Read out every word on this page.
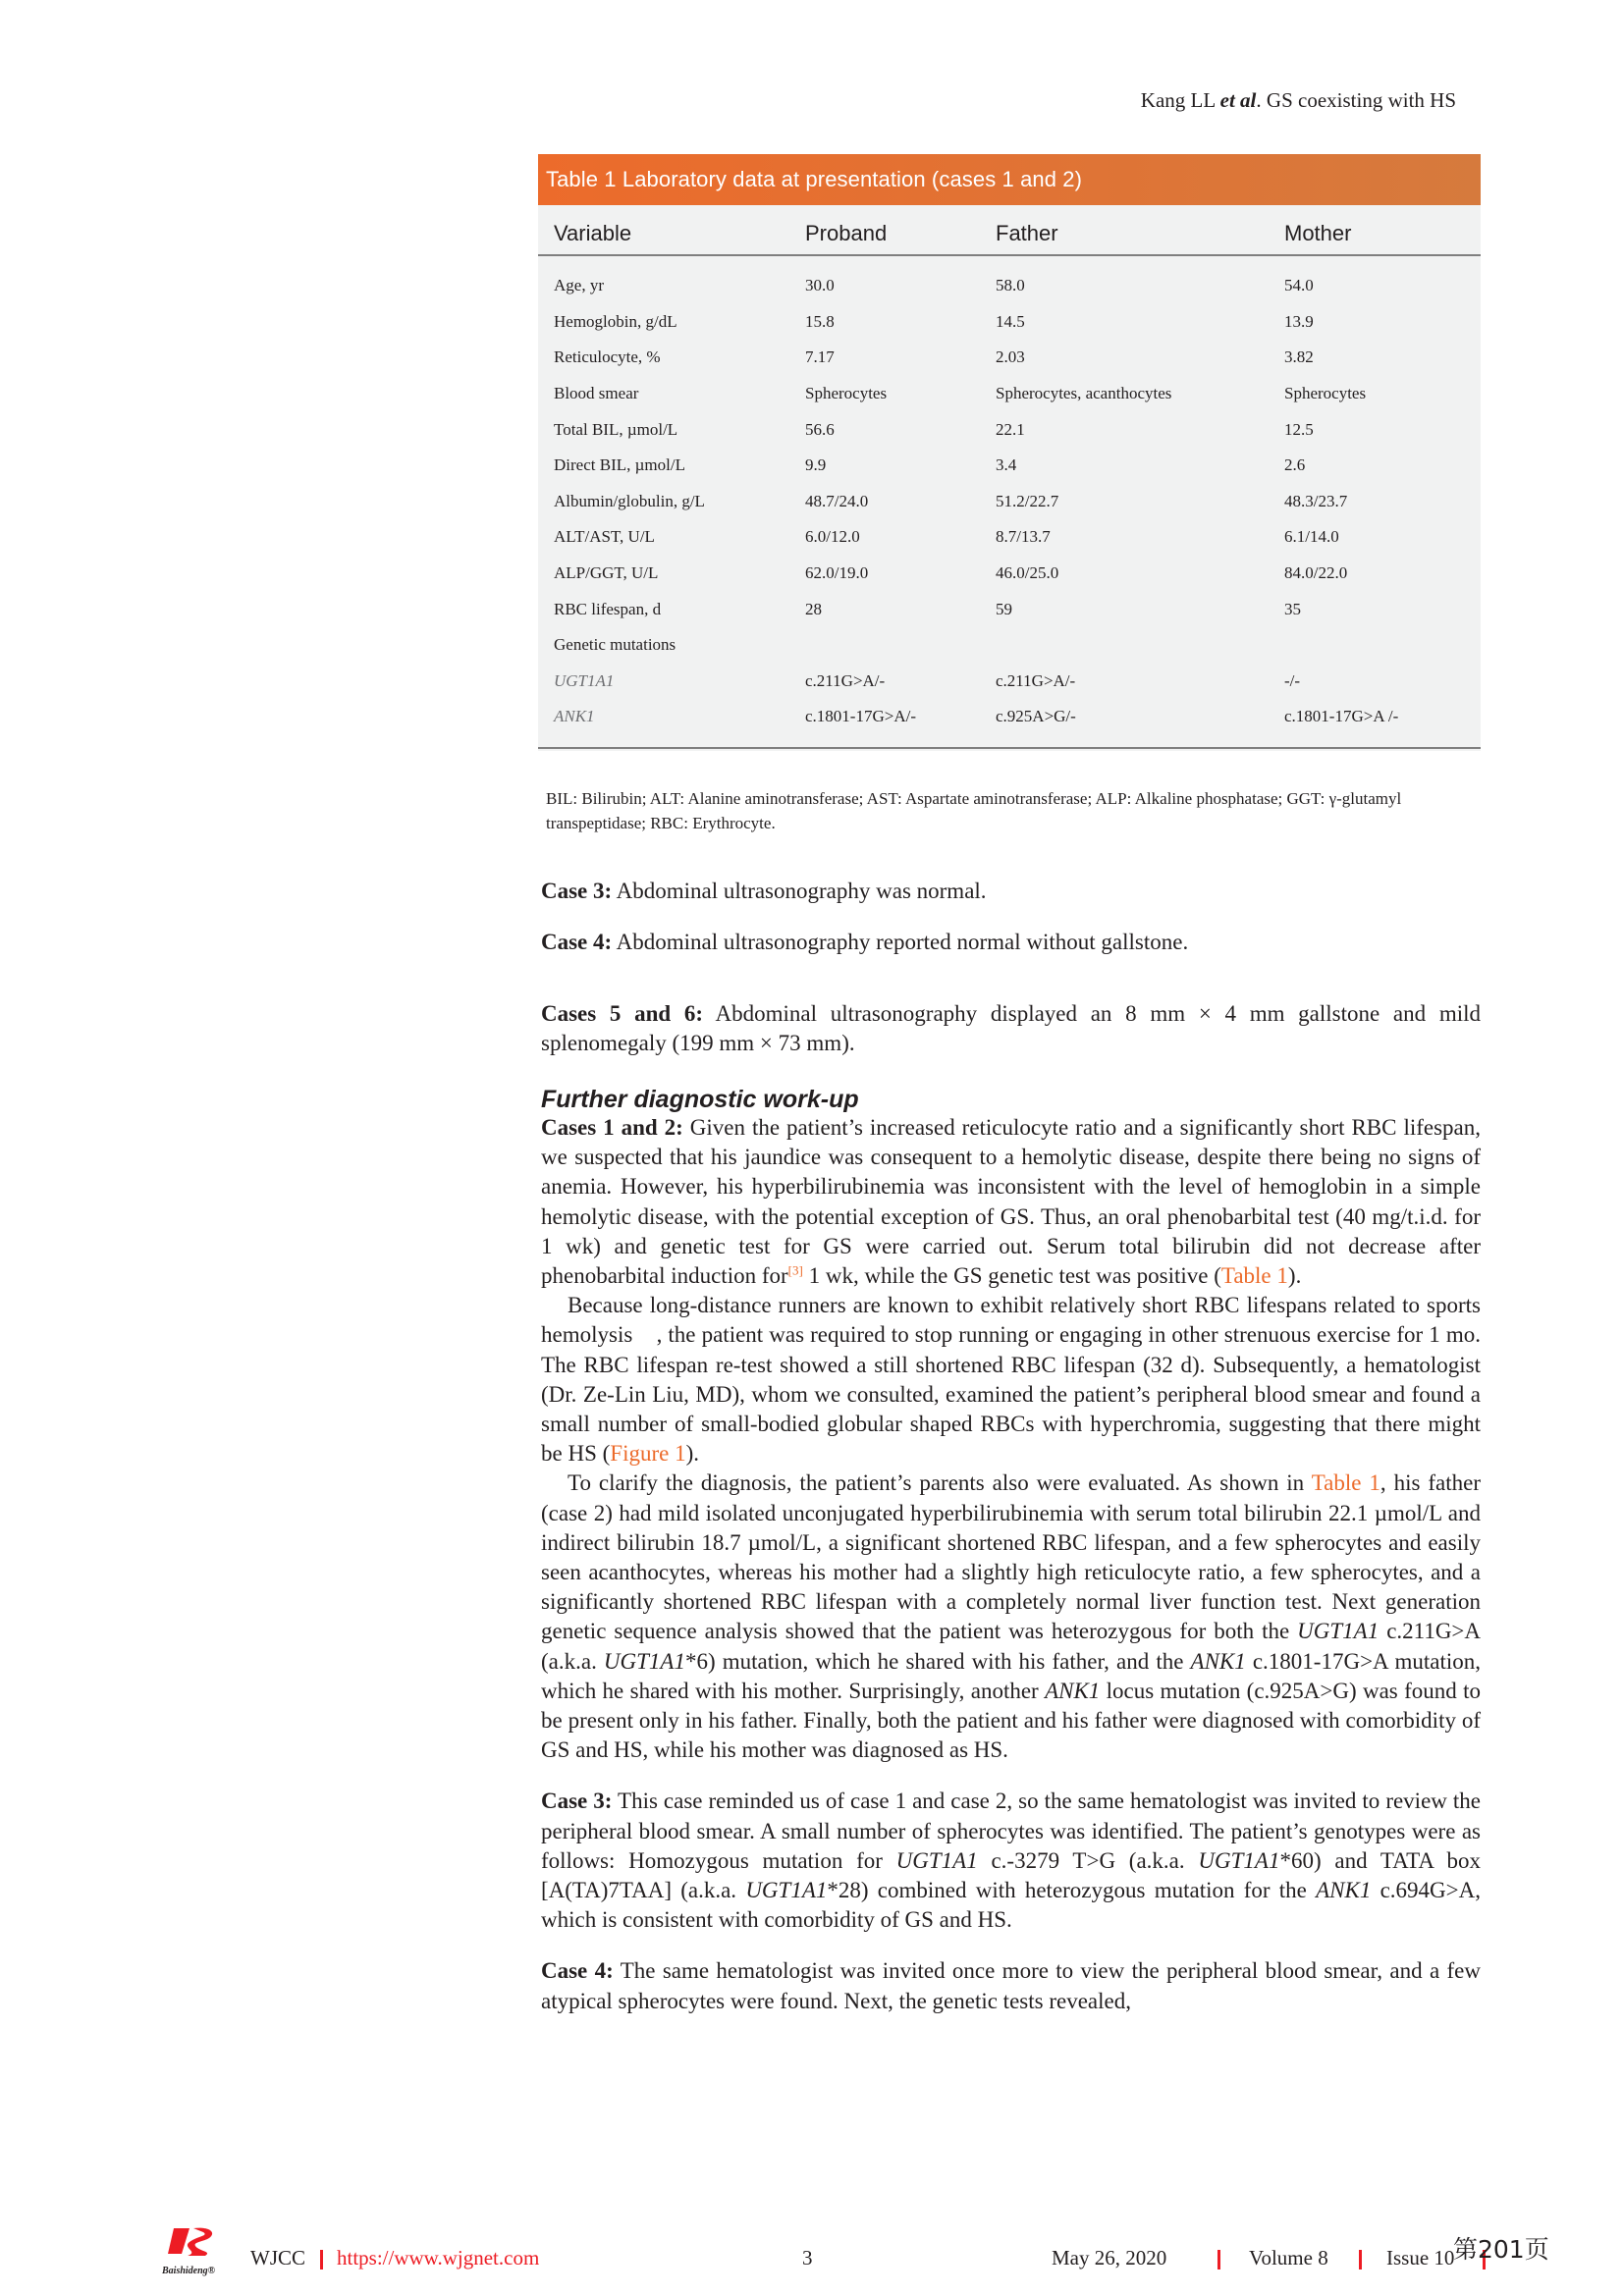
Kang LL et al. GS coexisting with HS
Table 1 Laboratory data at presentation (cases 1 and 2)
Variable	Proband	Father	Mother
Age, yr	30.0	58.0	54.0
Hemoglobin, g/dL	15.8	14.5	13.9
Reticulocyte, %	7.17	2.03	3.82
Blood smear	Spherocytes	Spherocytes, acanthocytes	Spherocytes
Total BIL, µmol/L	56.6	22.1	12.5
Direct BIL, µmol/L	9.9	3.4	2.6
Albumin/globulin, g/L	48.7/24.0	51.2/22.7	48.3/23.7
ALT/AST, U/L	6.0/12.0	8.7/13.7	6.1/14.0
ALP/GGT, U/L	62.0/19.0	46.0/25.0	84.0/22.0
RBC lifespan, d	28	59	35
Genetic mutations
UGT1A1	c.211G>A/-	c.211G>A/-	-/-
ANK1	c.1801-17G>A/-	c.925A>G/-	c.1801-17G>A /-
BIL: Bilirubin; ALT: Alanine aminotransferase; AST: Aspartate aminotransferase; ALP: Alkaline phosphatase; GGT: γ-glutamyl transpeptidase; RBC: Erythrocyte.

Case 3: Abdominal ultrasonography was normal.

Case 4: Abdominal ultrasonography reported normal without gallstone.

Cases 5 and 6: Abdominal ultrasonography displayed an 8 mm × 4 mm gallstone and mild splenomegaly (199 mm × 73 mm).

Further diagnostic work-up

Cases 1 and 2: Given the patient’s increased reticulocyte ratio and a significantly short RBC lifespan, we suspected that his jaundice was consequent to a hemolytic disease, despite there being no signs of anemia. However, his hyperbilirubinemia was inconsistent with the level of hemoglobin in a simple hemolytic disease, with the potential exception of GS. Thus, an oral phenobarbital test (40 mg/t.i.d. for 1 wk) and genetic test for GS were carried out. Serum total bilirubin did not decrease after phenobarbital induction for[3] 1 wk, while the GS genetic test was positive (Table 1).

Because long-distance runners are known to exhibit relatively short RBC lifespans related to sports hemolysis , the patient was required to stop running or engaging in other strenuous exercise for 1 mo. The RBC lifespan re-test showed a still shortened RBC lifespan (32 d). Subsequently, a hematologist (Dr. Ze-Lin Liu, MD), whom we consulted, examined the patient’s peripheral blood smear and found a small number of small-bodied globular shaped RBCs with hyperchromia, suggesting that there might be HS (Figure 1).

To clarify the diagnosis, the patient’s parents also were evaluated. As shown in Table 1, his father (case 2) had mild isolated unconjugated hyperbilirubinemia with serum total bilirubin 22.1 µmol/L and indirect bilirubin 18.7 µmol/L, a significant shortened RBC lifespan, and a few spherocytes and easily seen acanthocytes, whereas his mother had a slightly high reticulocyte ratio, a few spherocytes, and a significantly shortened RBC lifespan with a completely normal liver function test. Next generation genetic sequence analysis showed that the patient was heterozygous for both the UGT1A1 c.211G>A (a.k.a. UGT1A1*6) mutation, which he shared with his father, and the ANK1 c.1801-17G>A mutation, which he shared with his mother. Surprisingly, another ANK1 locus mutation (c.925A>G) was found to be present only in his father. Finally, both the patient and his father were diagnosed with comorbidity of GS and HS, while his mother was diagnosed as HS.

Case 3: This case reminded us of case 1 and case 2, so the same hematologist was invited to review the peripheral blood smear. A small number of spherocytes was identified. The patient’s genotypes were as follows: Homozygous mutation for UGT1A1 c.-3279 T>G (a.k.a. UGT1A1*60) and TATA box [A(TA)7TAA] (a.k.a. UGT1A1*28) combined with heterozygous mutation for the ANK1 c.694G>A, which is consistent with comorbidity of GS and HS.

Case 4: The same hematologist was invited once more to view the peripheral blood smear, and a few atypical spherocytes were found. Next, the genetic tests revealed,

Baishideng®
WJCC https://www.wjgnet.com	3	May 26, 2020	Volume 8	Issue 10
第201页
